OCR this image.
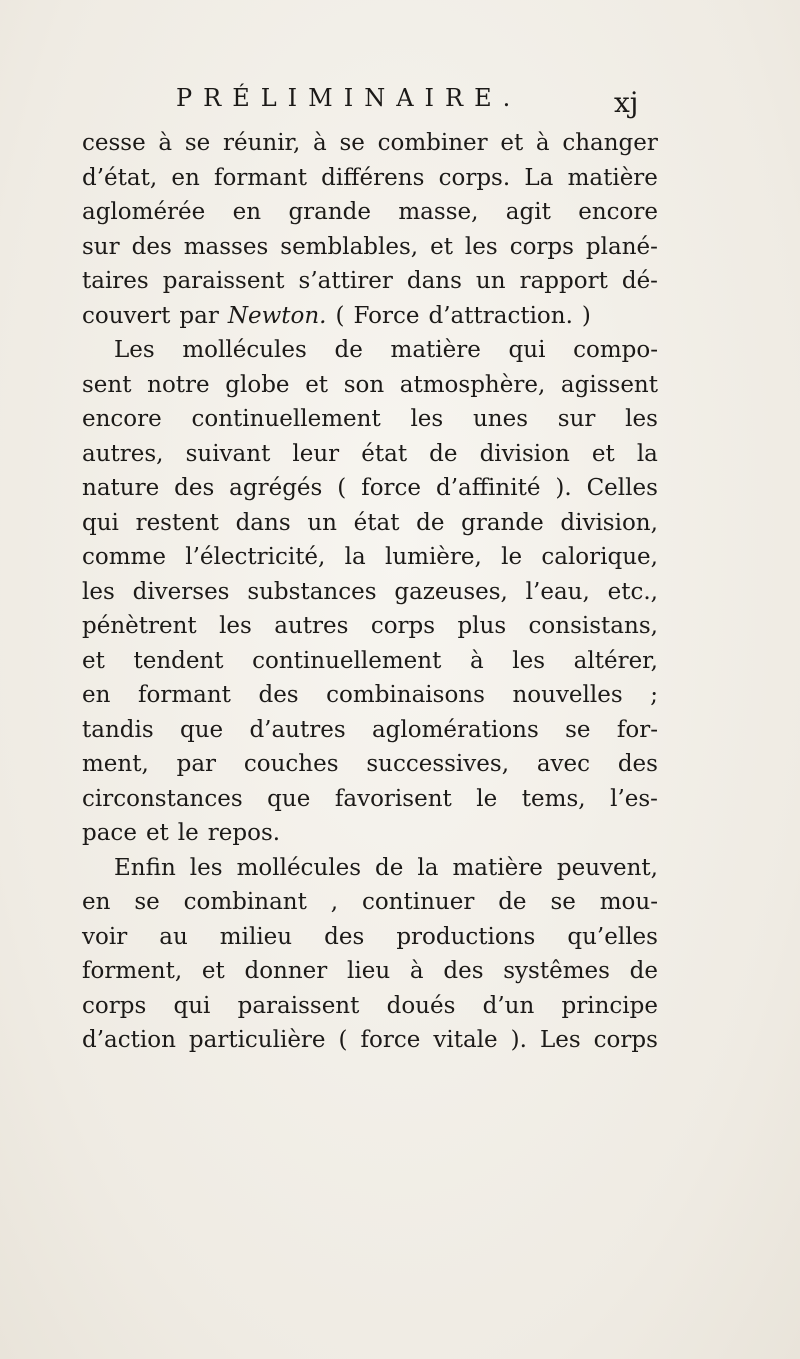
PRÉLIMINAIRE.	xj
cesse à se réunir, à se combiner et à changer
d’état, en formant différens corps. La matière
aglomérée en grande masse, agit encore
sur des masses semblables, et les corps plané-
taires paraissent s’attirer dans un rapport dé-
couvert par Newton. ( Force d’attraction. )
Les mollécules de matière qui compo-
sent notre globe et son atmosphère, agissent
encore continuellement les unes sur les
autres, suivant leur état de division et la
nature des agrégés ( force d’affinité ). Celles
qui restent dans un état de grande division,
comme l’électricité, la lumière, le calorique,
les diverses substances gazeuses, l’eau, etc.,
pénètrent les autres corps plus consistans,
et tendent continuellement à les altérer,
en formant des combinaisons nouvelles ;
tandis que d’autres aglomérations se for-
ment, par couches successives, avec des
circonstances que favorisent le tems, l’es-
pace et le repos.
Enfin les mollécules de la matière peuvent,
en se combinant , continuer de se mou-
voir au milieu des productions qu’elles
forment, et donner lieu à des systêmes de
corps qui paraissent doués d’un principe
d’action particulière ( force vitale ). Les corps
